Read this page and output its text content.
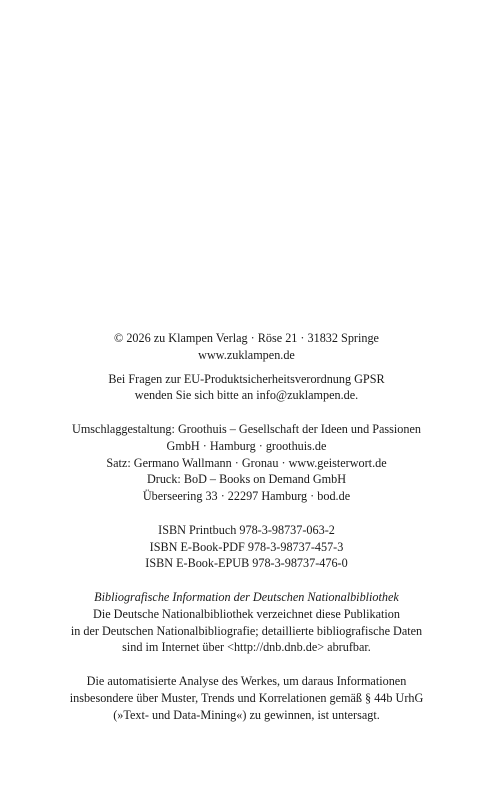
© 2026 zu Klampen Verlag · Röse 21 · 31832 Springe
www.zuklampen.de
Bei Fragen zur EU-Produktsicherheitsverordnung GPSR
wenden Sie sich bitte an info@zuklampen.de.
Umschlaggestaltung: Groothuis – Gesellschaft der Ideen und Passionen
GmbH · Hamburg · groothuis.de
Satz: Germano Wallmann · Gronau · www.geisterwort.de
Druck: BoD – Books on Demand GmbH
Überseering 33 · 22297 Hamburg · bod.de
ISBN Printbuch 978-3-98737-063-2
ISBN E-Book-PDF 978-3-98737-457-3
ISBN E-Book-EPUB 978-3-98737-476-0
Bibliografische Information der Deutschen Nationalbibliothek
Die Deutsche Nationalbibliothek verzeichnet diese Publikation
in der Deutschen Nationalbibliografie; detaillierte bibliografische Daten
sind im Internet über <http://dnb.dnb.de> abrufbar.
Die automatisierte Analyse des Werkes, um daraus Informationen
insbesondere über Muster, Trends und Korrelationen gemäß § 44b UrhG
(»Text- und Data-Mining«) zu gewinnen, ist untersagt.
